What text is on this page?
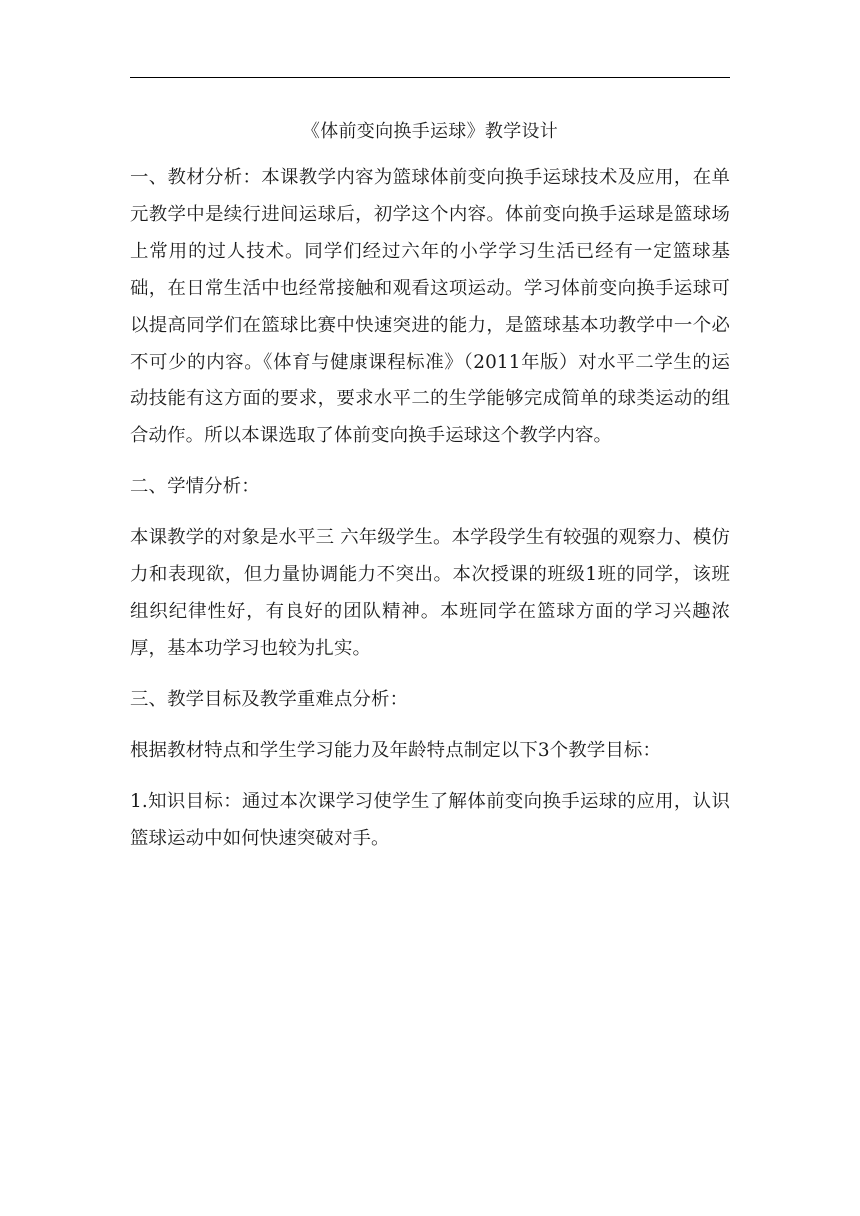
《体前变向换手运球》教学设计

一、教材分析：本课教学内容为篮球体前变向换手运球技术及应用，在单元教学中是续行进间运球后，初学这个内容。体前变向换手运球是篮球场上常用的过人技术。同学们经过六年的小学学习生活已经有一定篮球基础，在日常生活中也经常接触和观看这项运动。学习体前变向换手运球可以提高同学们在篮球比赛中快速突进的能力，是篮球基本功教学中一个必不可少的内容。《体育与健康课程标准》（2011年版）对水平二学生的运动技能有这方面的要求，要求水平二的生学能够完成简单的球类运动的组合动作。所以本课选取了体前变向换手运球这个教学内容。

二、学情分析：

本课教学的对象是水平三 六年级学生。本学段学生有较强的观察力、模仿力和表现欲，但力量协调能力不突出。本次授课的班级1班的同学，该班组织纪律性好，有良好的团队精神。本班同学在篮球方面的学习兴趣浓厚，基本功学习也较为扎实。

三、教学目标及教学重难点分析：

根据教材特点和学生学习能力及年龄特点制定以下3个教学目标：

1.知识目标：通过本次课学习使学生了解体前变向换手运球的应用，认识篮球运动中如何快速突破对手。
